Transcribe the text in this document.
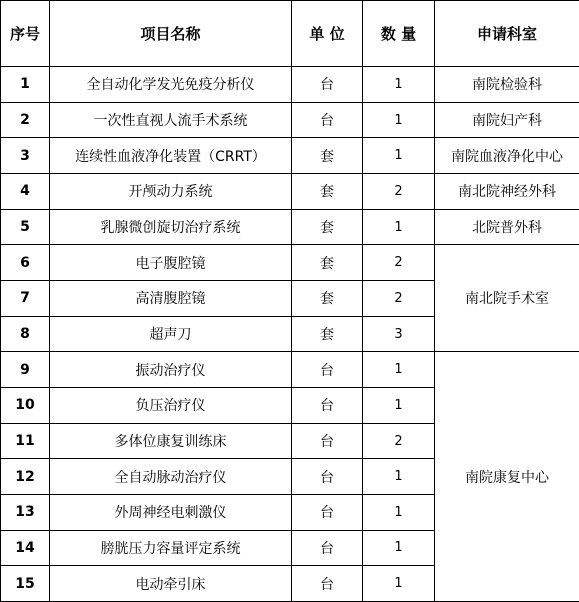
序号	项目名称	单 位	数 量	申请科室
1	全自动化学发光免疫分析仪	台	1	南院检验科
2	一次性直视人流手术系统	台	1	南院妇产科
3	连续性血液净化装置（CRRT）	套	1	南院血液净化中心
4	开颅动力系统	套	2	南北院神经外科
5	乳腺微创旋切治疗系统	套	1	北院普外科
6	电子腹腔镜	套	2	南北院手术室
7	高清腹腔镜	套	2	
8	超声刀	套	3	
9	振动治疗仪	台	1	南院康复中心
10	负压治疗仪	台	1	
11	多体位康复训练床	台	2	
12	全自动脉动治疗仪	台	1	
13	外周神经电刺激仪	台	1	
14	膀胱压力容量评定系统	台	1	
15	电动牵引床	台	1	
